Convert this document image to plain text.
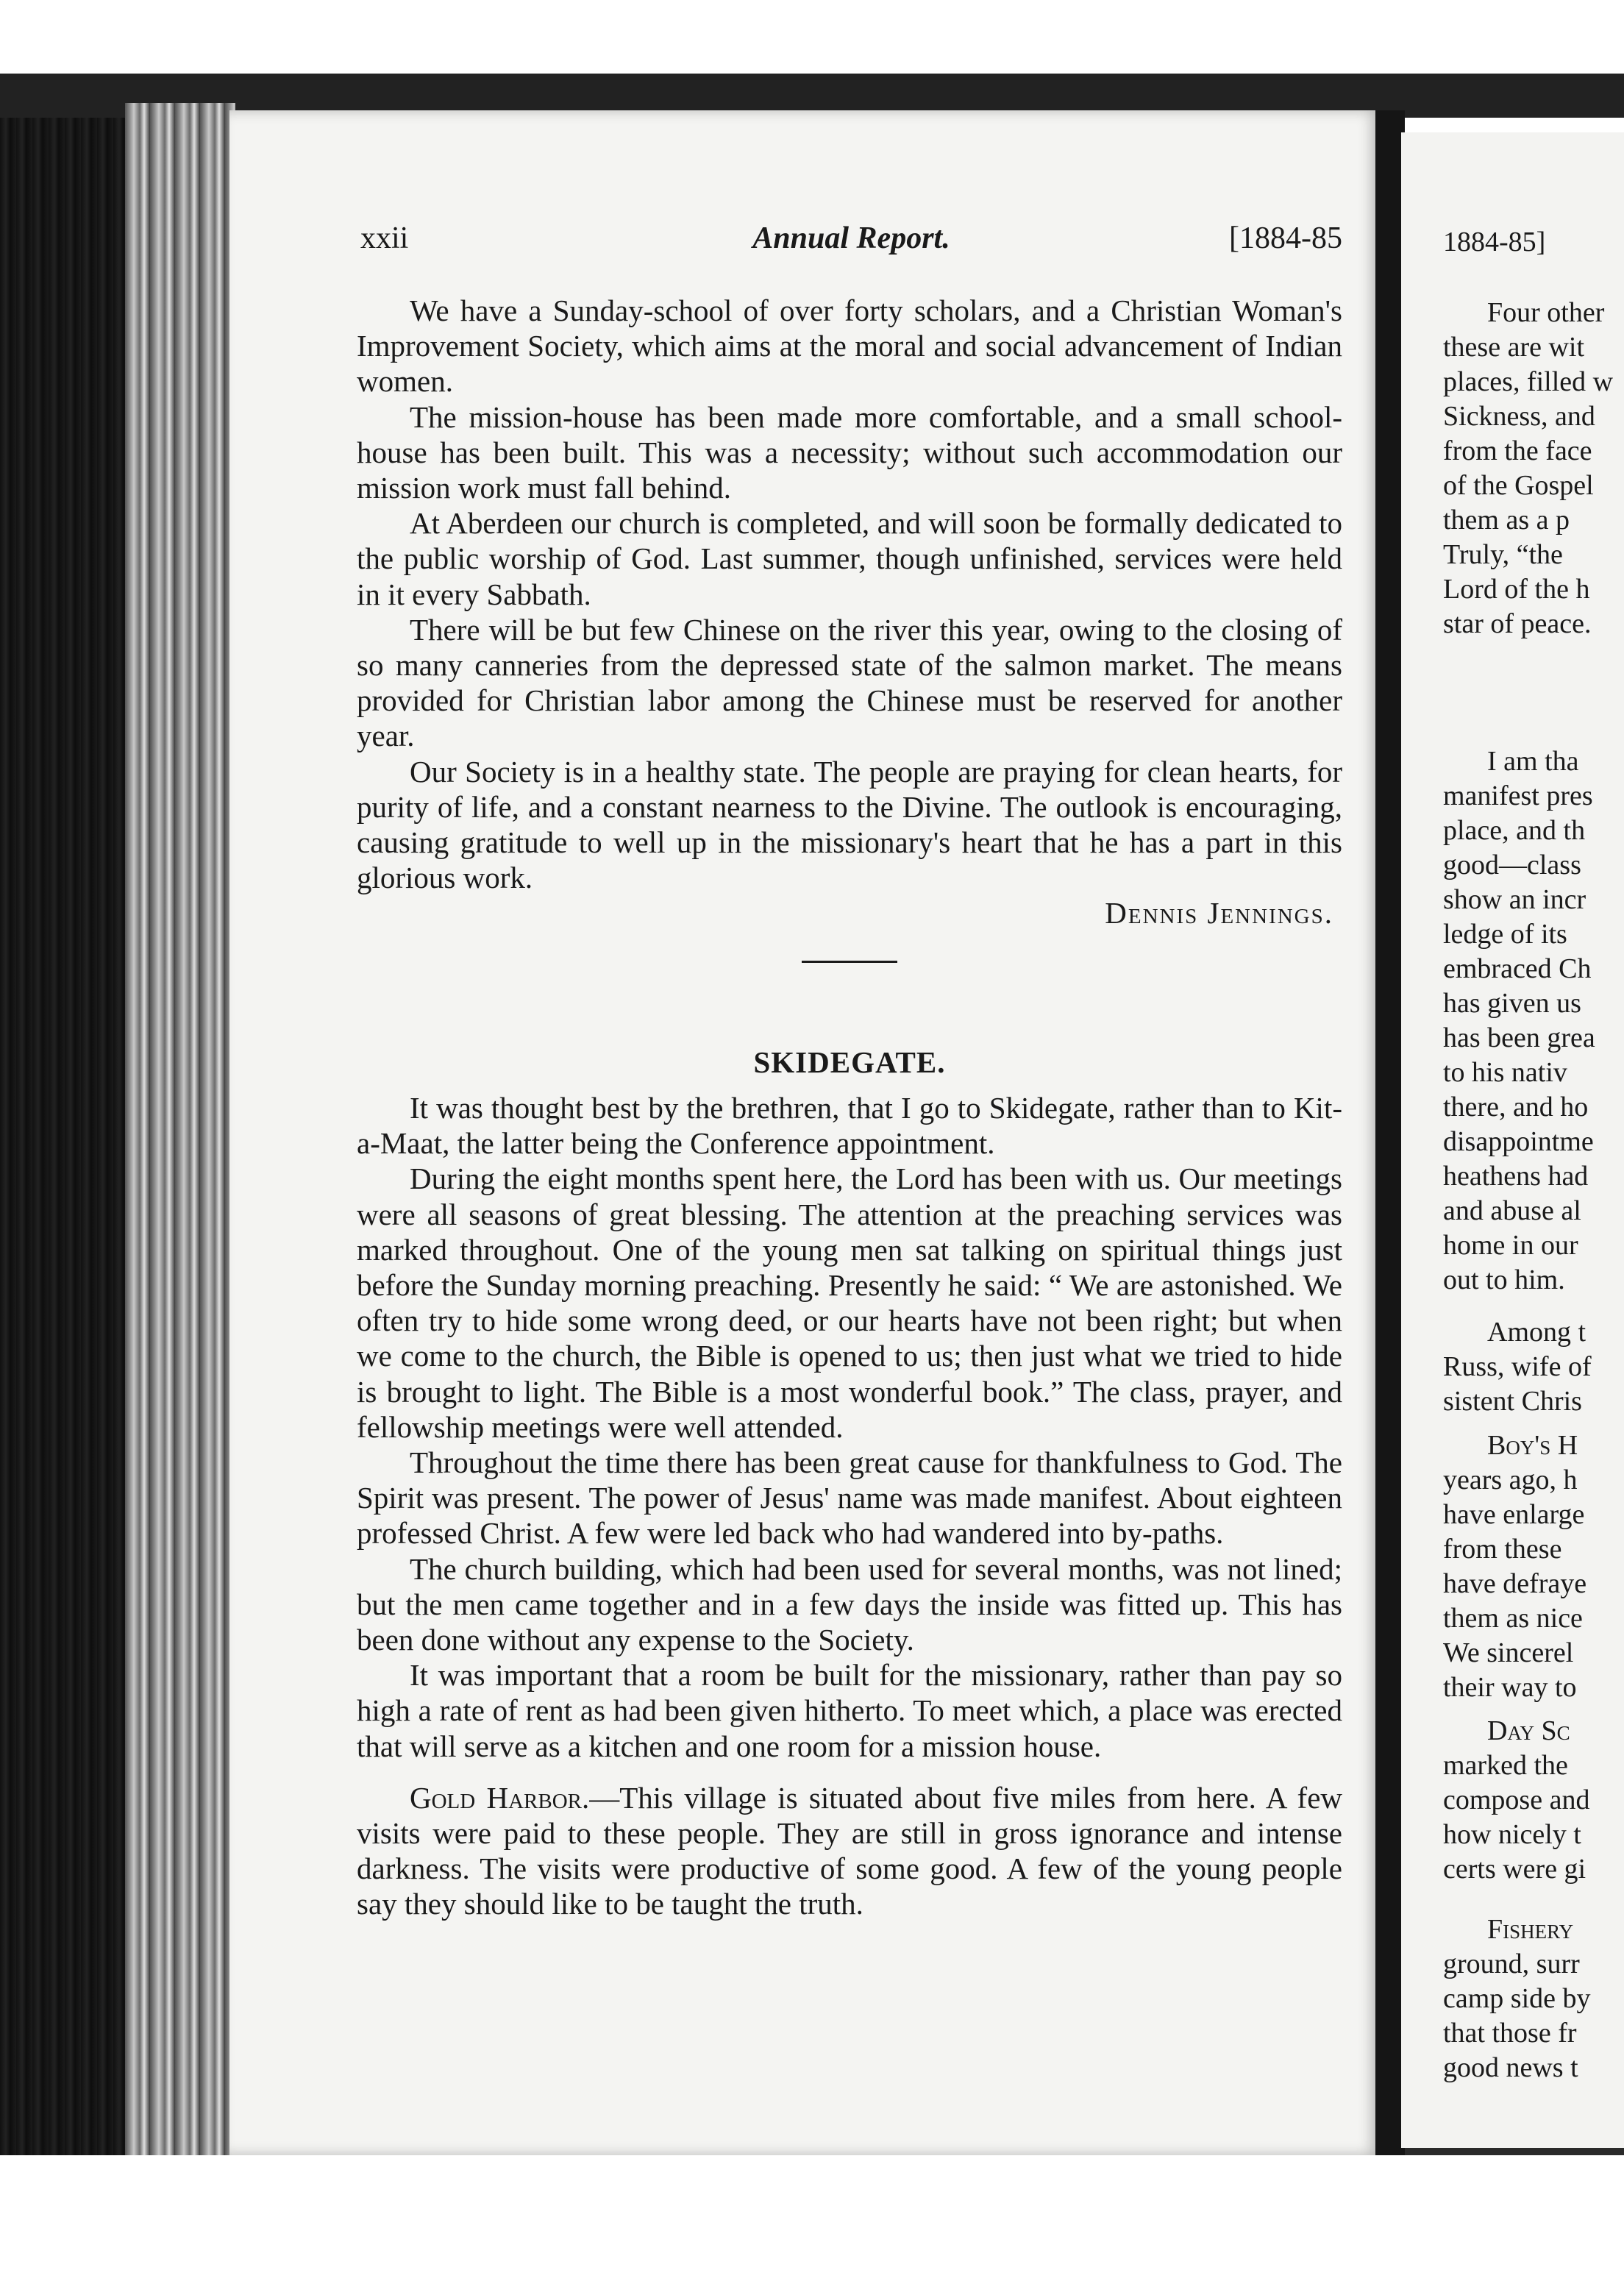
xxii	Annual Report.	[1884-85

We have a Sunday-school of over forty scholars, and a Christian Woman's Improvement Society, which aims at the moral and social advancement of Indian women.

The mission-house has been made more comfortable, and a small school-house has been built. This was a necessity; without such accommodation our mission work must fall behind.

At Aberdeen our church is completed, and will soon be formally dedicated to the public worship of God. Last summer, though unfinished, services were held in it every Sabbath.

There will be but few Chinese on the river this year, owing to the closing of so many canneries from the depressed state of the salmon market. The means provided for Christian labor among the Chinese must be reserved for another year.

Our Society is in a healthy state. The people are praying for clean hearts, for purity of life, and a constant nearness to the Divine. The outlook is encouraging, causing gratitude to well up in the missionary's heart that he has a part in this glorious work.

Dennis Jennings.

SKIDEGATE.

It was thought best by the brethren, that I go to Skidegate, rather than to Kit-a-Maat, the latter being the Conference appointment.

During the eight months spent here, the Lord has been with us. Our meetings were all seasons of great blessing. The attention at the preaching services was marked throughout. One of the young men sat talking on spiritual things just before the Sunday morning preaching. Presently he said: “ We are astonished. We often try to hide some wrong deed, or our hearts have not been right; but when we come to the church, the Bible is opened to us; then just what we tried to hide is brought to light. The Bible is a most wonderful book.” The class, prayer, and fellowship meetings were well attended.

Throughout the time there has been great cause for thankfulness to God. The Spirit was present. The power of Jesus' name was made manifest. About eighteen professed Christ. A few were led back who had wandered into by-paths.

The church building, which had been used for several months, was not lined; but the men came together and in a few days the inside was fitted up. This has been done without any expense to the Society.

It was important that a room be built for the missionary, rather than pay so high a rate of rent as had been given hitherto. To meet which, a place was erected that will serve as a kitchen and one room for a mission house.

Gold Harbor.—This village is situated about five miles from here. A few visits were paid to these people. They are still in gross ignorance and intense darkness. The visits were productive of some good. A few of the young people say they should like to be taught the truth.

1884-85]
Four other
these are wit
places, filled w
Sickness, and
from the face
of the Gospel
them as a p
Truly, “the
Lord of the h
star of peace.
I am tha
manifest pres
place, and th
good—class
show an incr
ledge of its
embraced Ch
has given us
has been grea
to his nativ
there, and ho
disappointme
heathens had
and abuse al
home in our
out to him.
Among t
Russ, wife of
sistent Chris
Boy's H
years ago, h
have enlarge
from these
have defraye
them as nice
We sincerel
their way to
Day Sc
marked the
compose and
how nicely t
certs were gi
Fishery
ground, surr
camp side by
that those fr
good news t
